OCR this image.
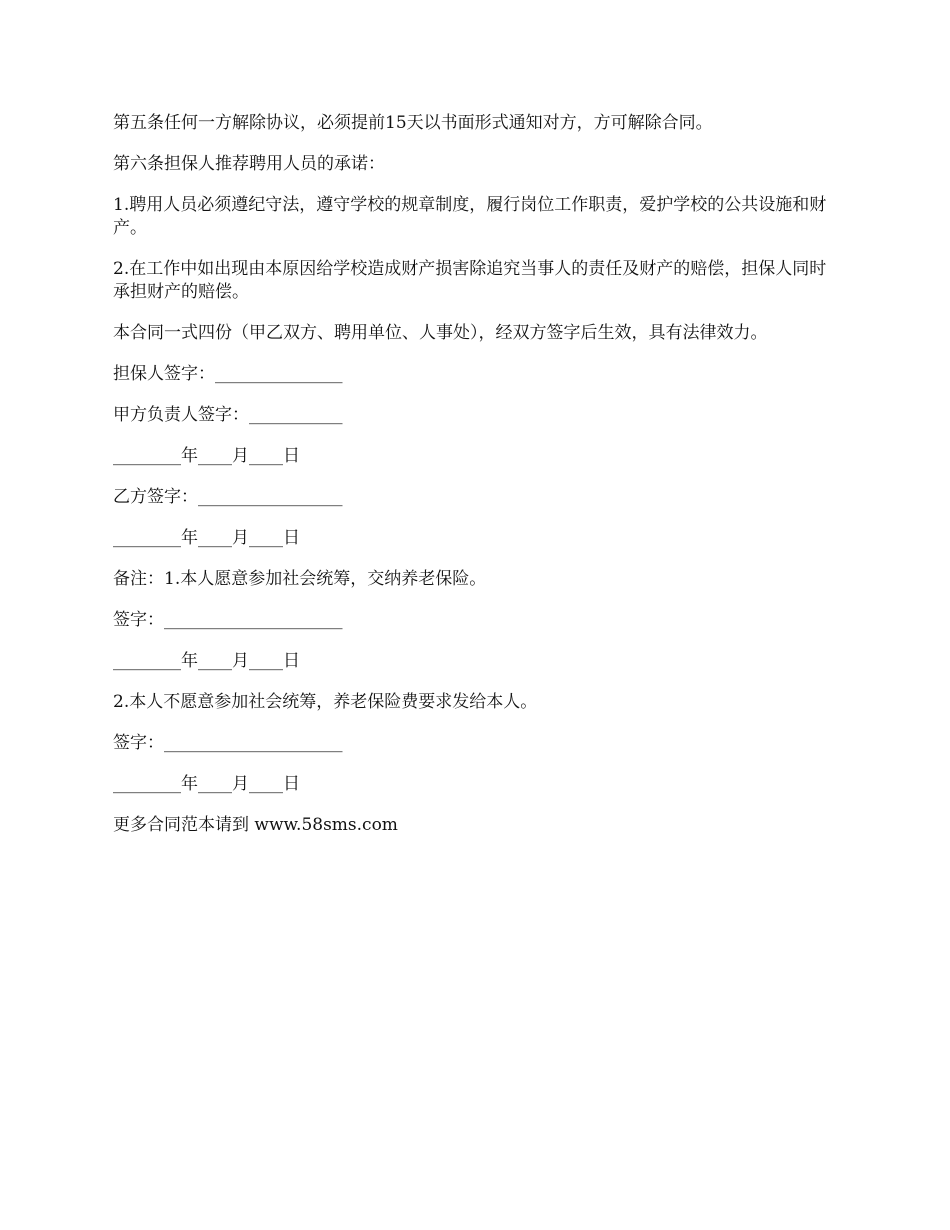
第五条任何一方解除协议，必须提前15天以书面形式通知对方，方可解除合同。

第六条担保人推荐聘用人员的承诺：

1.聘用人员必须遵纪守法，遵守学校的规章制度，履行岗位工作职责，爱护学校的公共设施和财产。

2.在工作中如出现由本原因给学校造成财产损害除追究当事人的责任及财产的赔偿，担保人同时承担财产的赔偿。

本合同一式四份（甲乙双方、聘用单位、人事处），经双方签字后生效，具有法律效力。

担保人签字：_______________

甲方负责人签字：___________

________年____月____日

乙方签字：_________________

________年____月____日

备注：1.本人愿意参加社会统筹，交纳养老保险。

签字：_____________________

________年____月____日

2.本人不愿意参加社会统筹，养老保险费要求发给本人。

签字：_____________________

________年____月____日

更多合同范本请到 www.58sms.com
